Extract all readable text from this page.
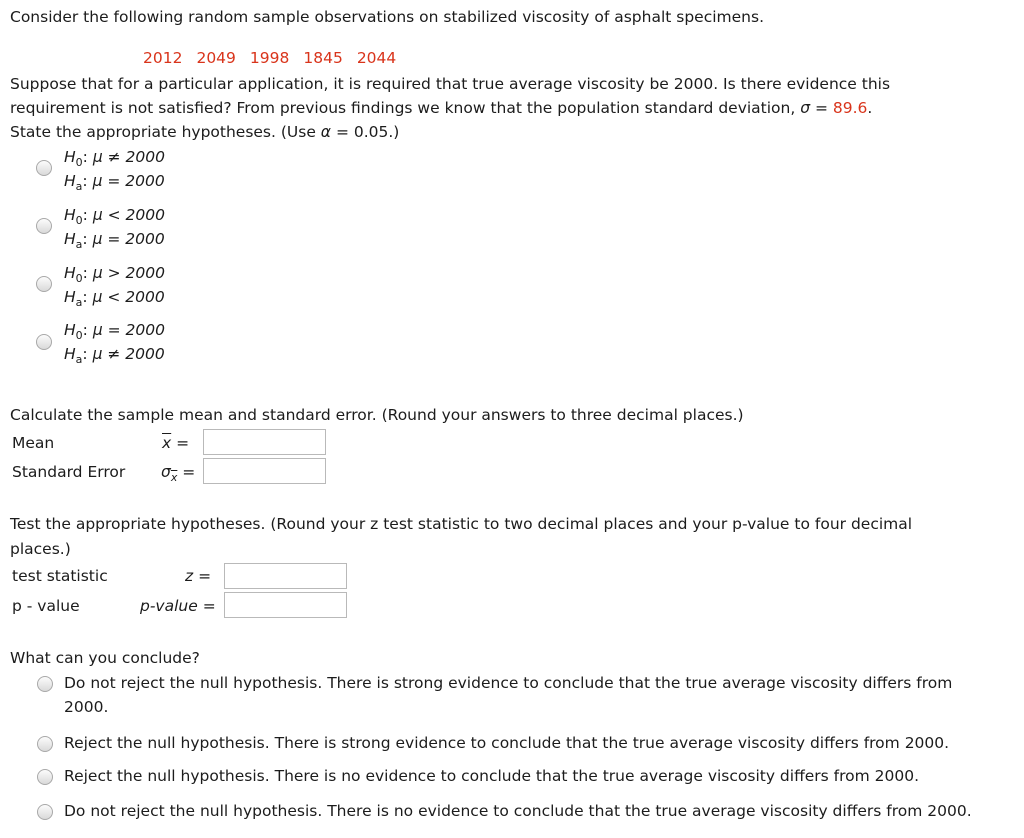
Consider the following random sample observations on stabilized viscosity of asphalt specimens.
2012 2049 1998 1845 2044
Suppose that for a particular application, it is required that true average viscosity be 2000. Is there evidence this
requirement is not satisfied? From previous findings we know that the population standard deviation, σ = 89.6.
State the appropriate hypotheses. (Use α = 0.05.)
$H_0$: μ ≠ 2000
$H_a$: μ = 2000
$H_0$: μ < 2000
$H_a$: μ = 2000
$H_0$: μ > 2000
$H_a$: μ < 2000
$H_0$: μ = 2000
$H_a$: μ ≠ 2000
Calculate the sample mean and standard error. (Round your answers to three decimal places.)
Mean	$\overline{x}$ =
Standard Error $\sigma_{\overline{x}}$ =
Test the appropriate hypotheses. (Round your z test statistic to two decimal places and your p-value to four decimal
places.)
test statistic	z =
p - value	p-value =
What can you conclude?
Do not reject the null hypothesis. There is strong evidence to conclude that the true average viscosity differs from
2000.
Reject the null hypothesis. There is strong evidence to conclude that the true average viscosity differs from 2000.
Reject the null hypothesis. There is no evidence to conclude that the true average viscosity differs from 2000.
Do not reject the null hypothesis. There is no evidence to conclude that the true average viscosity differs from 2000.
